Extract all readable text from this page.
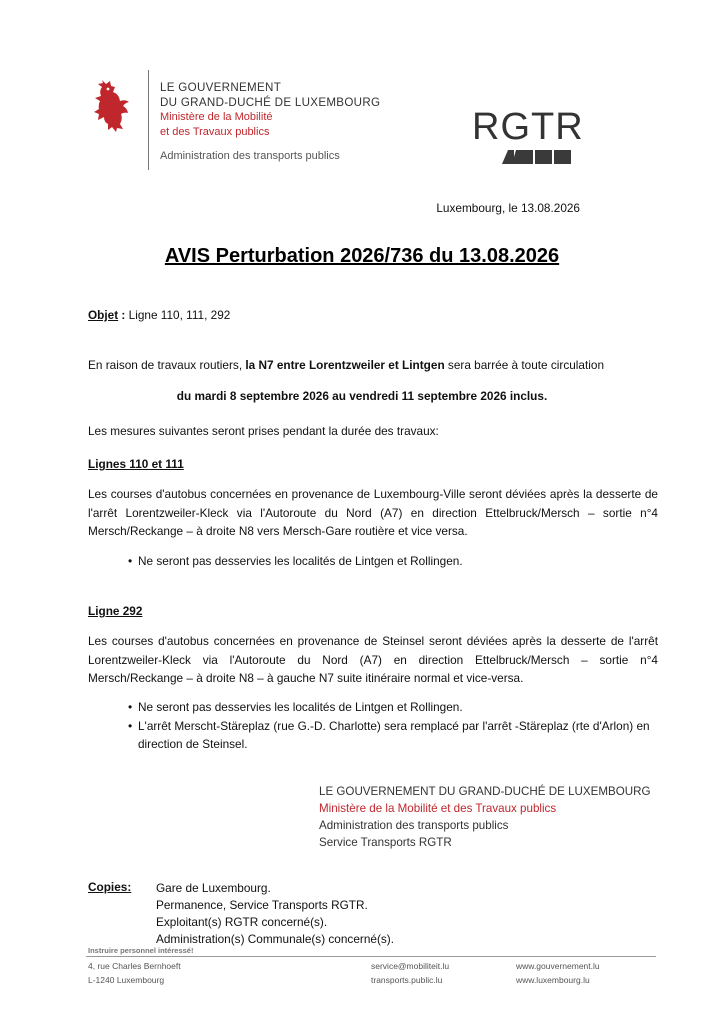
LE GOUVERNEMENT
DU GRAND-DUCHÉ DE LUXEMBOURG
Ministère de la Mobilité
et des Travaux publics
Administration des transports publics
RGTR
Luxembourg, le 13.08.2026
AVIS Perturbation 2026/736 du 13.08.2026
Objet : Ligne 110, 111, 292
En raison de travaux routiers, la N7 entre Lorentzweiler et Lintgen sera barrée à toute circulation
du mardi 8 septembre 2026 au vendredi 11 septembre 2026 inclus.
Les mesures suivantes seront prises pendant la durée des travaux:
Lignes 110 et 111
Les courses d'autobus concernées en provenance de Luxembourg-Ville seront déviées après la desserte de l'arrêt Lorentzweiler-Kleck via l'Autoroute du Nord (A7) en direction Ettelbruck/Mersch – sortie n°4 Mersch/Reckange – à droite N8 vers Mersch-Gare routière et vice versa.
• Ne seront pas desservies les localités de Lintgen et Rollingen.
Ligne 292
Les courses d'autobus concernées en provenance de Steinsel seront déviées après la desserte de l'arrêt Lorentzweiler-Kleck via l'Autoroute du Nord (A7) en direction Ettelbruck/Mersch – sortie n°4 Mersch/Reckange – à droite N8 – à gauche N7 suite itinéraire normal et vice-versa.
• Ne seront pas desservies les localités de Lintgen et Rollingen.
• L'arrêt Merscht-Stäreplaz (rue G.-D. Charlotte) sera remplacé par l'arrêt -Stäreplaz (rte d'Arlon) en direction de Steinsel.
LE GOUVERNEMENT DU GRAND-DUCHÉ DE LUXEMBOURG
Ministère de la Mobilité et des Travaux publics
Administration des transports publics
Service Transports RGTR
Copies: Gare de Luxembourg.
Permanence, Service Transports RGTR.
Exploitant(s) RGTR concerné(s).
Administration(s) Communale(s) concerné(s).
Instruire personnel intéressé!
4, rue Charles Bernhoeft
L-1240 Luxembourg
service@mobiliteit.lu
transports.public.lu
www.gouvernement.lu
www.luxembourg.lu
